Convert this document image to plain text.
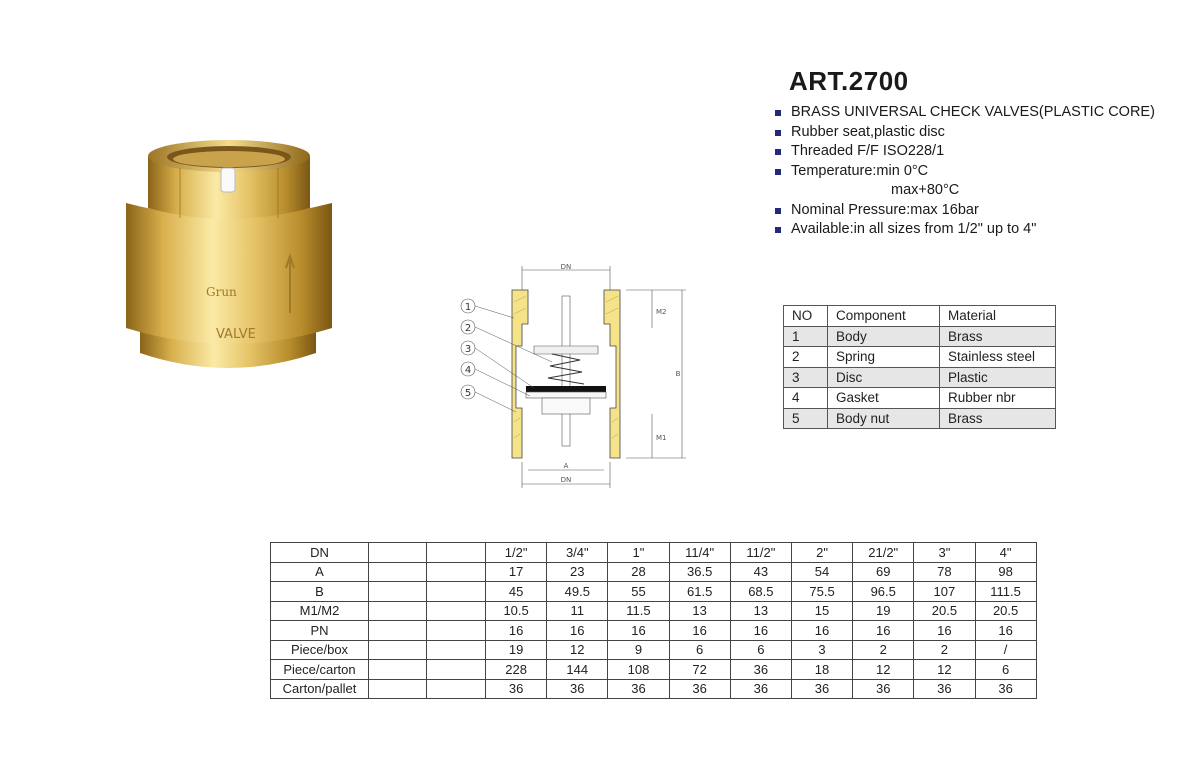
Grun
VALVE
ART.2700
BRASS UNIVERSAL CHECK VALVES(PLASTIC CORE)
Rubber seat,plastic disc
Threaded F/F ISO228/1
Temperature:min 0°C
max+80°C
Nominal Pressure:max 16bar
Available:in all sizes from 1/2" up to 4"
1
2
3
4
5
DN
DN
A
B
M1
M2	NO	Component	Material
1	Body	Brass
2	Spring	Stainless steel
3	Disc	Plastic
4	Gasket	Rubber nbr
5	Body nut	Brass
DN			1/2"	3/4"	1"	11/4"	11/2"	2"	21/2"	3"	4"
A			17	23	28	36.5	43	54	69	78	98
B			45	49.5	55	61.5	68.5	75.5	96.5	107	111.5
M1/M2			10.5	11	11.5	13	13	15	19	20.5	20.5
PN			16	16	16	16	16	16	16	16	16
Piece/box			19	12	9	6	6	3	2	2	/
Piece/carton			228	144	108	72	36	18	12	12	6
Carton/pallet			36	36	36	36	36	36	36	36	36
